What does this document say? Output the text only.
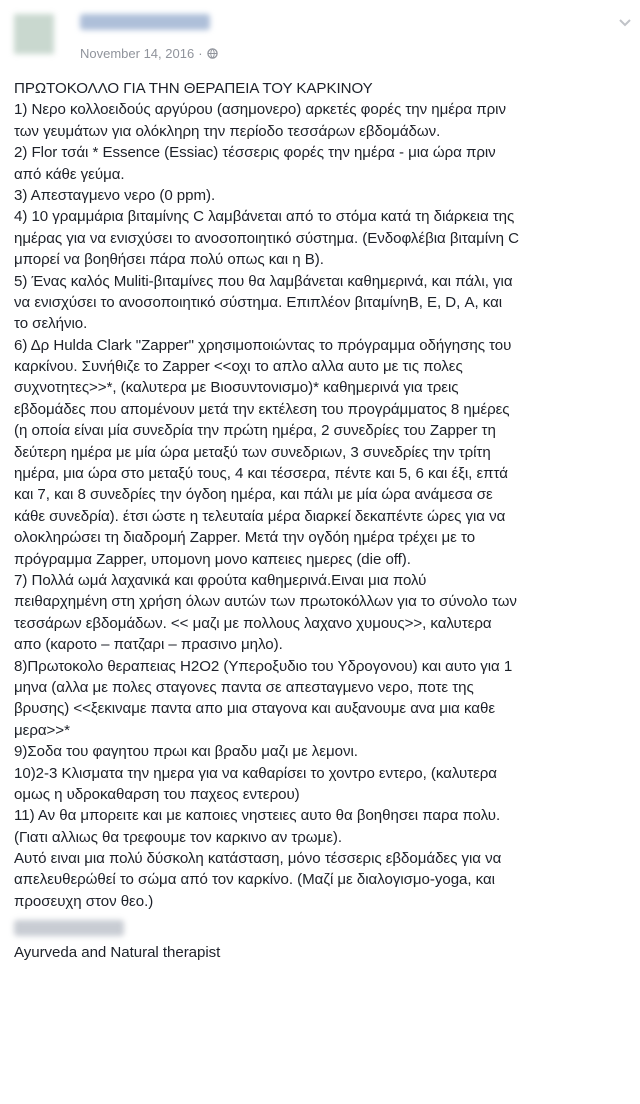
November 14, 2016 ·
ΠΡΩΤΟΚΟΛΛΟ ΓΙΑ ΤΗΝ ΘΕΡΑΠΕΙΑ ΤΟΥ ΚΑΡΚΙΝΟΥ
1) Νερο κολλοειδούς αργύρου (ασημονερο) αρκετές φορές την ημέρα πριν
των γευμάτων για ολόκληρη την περίοδο τεσσάρων εβδομάδων.
2) Flor τσάι * Essence (Essiac) τέσσερις φορές την ημέρα - μια ώρα πριν
από κάθε γεύμα.
3) Απεσταγμενο νερο (0 ppm).
4) 10 γραμμάρια βιταμίνης C λαμβάνεται από το στόμα κατά τη διάρκεια της
ημέρας για να ενισχύσει το ανοσοποιητικό σύστημα. (Ενδοφλέβια βιταμίνη C
μπορεί να βοηθήσει πάρα πολύ οπως και η Β).
5) Ένας καλός Muliti-βιταμίνες που θα λαμβάνεται καθημερινά, και πάλι, για
να ενισχύσει το ανοσοποιητικό σύστημα. Επιπλέον βιταμίνηΒ, Ε, D, Α, και
το σελήνιο.
6) Δρ Hulda Clark "Zapper" χρησιμοποιώντας το πρόγραμμα οδήγησης του
καρκίνου. Συνήθιζε το Zapper <<οχι το απλο αλλα αυτο με τις πολες
συχνοτητες>>*, (καλυτερα με Βιοσυντονισμο)* καθημερινά για τρεις
εβδομάδες που απομένουν μετά την εκτέλεση του προγράμματος 8 ημέρες
(η οποία είναι μία συνεδρία την πρώτη ημέρα, 2 συνεδρίες του Zapper τη
δεύτερη ημέρα με μία ώρα μεταξύ των συνεδριων, 3 συνεδρίες την τρίτη
ημέρα, μια ώρα στο μεταξύ τους, 4 και τέσσερα, πέντε και 5, 6 και έξι, επτά
και 7, και 8 συνεδρίες την όγδοη ημέρα, και πάλι με μία ώρα ανάμεσα σε
κάθε συνεδρία). έτσι ώστε η τελευταία μέρα διαρκεί δεκαπέντε ώρες για να
ολοκληρώσει τη διαδρομή Zapper. Μετά την ογδόη ημέρα τρέχει με το
πρόγραμμα Zapper, υπομονη μονο καπειες ημερες (die off).
7) Πολλά ωμά λαχανικά και φρούτα καθημερινά.Ειναι μια πολύ
πειθαρχημένη στη χρήση όλων αυτών των πρωτοκόλλων για το σύνολο των
τεσσάρων εβδομάδων. << μαζι με πολλους λαχανο χυμους>>, καλυτερα
απο (καροτο – πατζαρι – πρασινο μηλο).
8)Πρωτοκολο θεραπειας Η2Ο2 (Υπεροξυδιο του Υδρογονου) και αυτο για 1
μηνα (αλλα με πολες σταγονες παντα σε απεσταγμενο νερο, ποτε της
βρυσης) <<ξεκιναμε παντα απο μια σταγονα και αυξανουμε ανα μια καθε
μερα>>*
9)Σοδα του φαγητου πρωι και βραδυ μαζι με λεμονι.
10)2-3 Κλισματα την ημερα για να καθαρίσει το χοντρο εντερο, (καλυτερα
ομως η υδροκαθαρση του παχεος εντερου)
11) Αν θα μπορειτε και με καποιες νηστειες αυτο θα βοηθησει παρα πολυ.
(Γιατι αλλιως θα τρεφουμε τον καρκινο αν τρωμε).
Αυτό ειναι μια πολύ δύσκολη κατάσταση, μόνο τέσσερις εβδομάδες για να
απελευθερώθεί το σώμα από τον καρκίνο. (Μαζί με διαλογισμο-yoga, και
προσευχη στον θεο.)
Ayurveda and Natural therapist
